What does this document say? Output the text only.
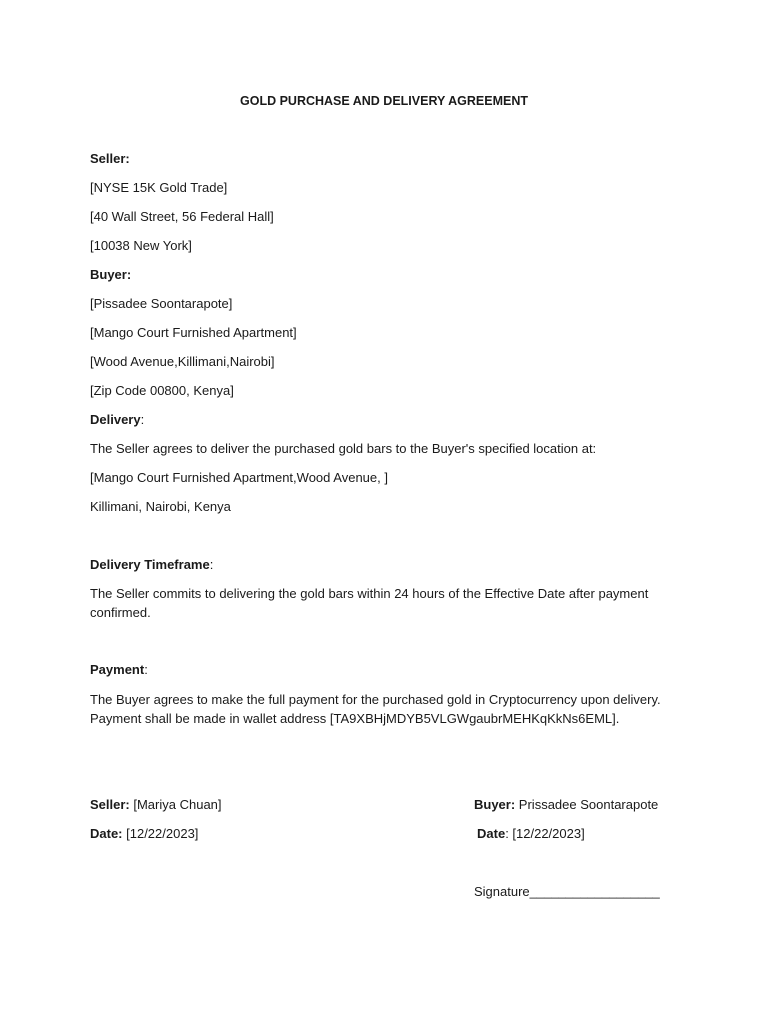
GOLD PURCHASE AND DELIVERY AGREEMENT
Seller:
[NYSE 15K Gold Trade]
[40 Wall Street, 56 Federal Hall]
[10038 New York]
Buyer:
[Pissadee Soontarapote]
[Mango Court Furnished Apartment]
[Wood Avenue,Killimani,Nairobi]
[Zip Code 00800, Kenya]
Delivery:
The Seller agrees to deliver the purchased gold bars to the Buyer's specified location at:
[Mango Court Furnished Apartment,Wood Avenue, ]
Killimani, Nairobi, Kenya
Delivery Timeframe:
The Seller commits to delivering the gold bars within 24 hours of the Effective Date after payment
confirmed.
Payment:
The Buyer agrees to make the full payment for the purchased gold in Cryptocurrency upon delivery.
Payment shall be made in wallet address [TA9XBHjMDYB5VLGWgaubrMEHKqKkNs6EML].
Seller: [Mariya Chuan]
Date: [12/22/2023]
Buyer: Prissadee Soontarapote
Date: [12/22/2023]
Signature__________________
